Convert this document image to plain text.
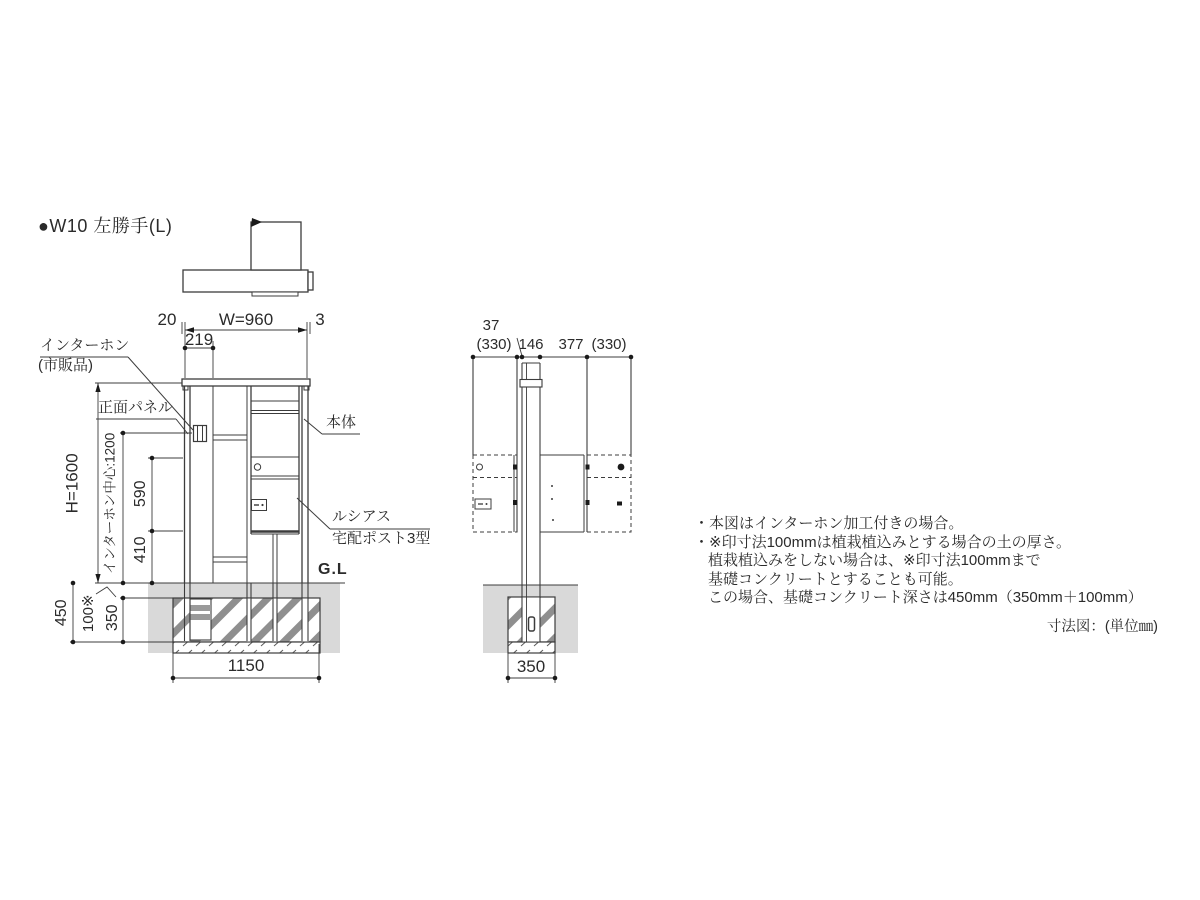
●W10 左勝手(L)
20	W=960	3
219
H=1600 インターホン中心:1200 590
410
450 100※ 350
1150
インターホン
(市販品)
正面パネル
本体
ルシアス
宅配ポスト3型
G.L
37
(330) 146 377 (330)
350
・本図はインターホン加工付きの場合。
・※印寸法100mmは植栽植込みとする場合の土の厚さ。
植栽植込みをしない場合は、※印寸法100mmまで
基礎コンクリートとすることも可能。
この場合、基礎コンクリート深さは450mm（350mm＋100mm）
寸法図：(単位㎜)
